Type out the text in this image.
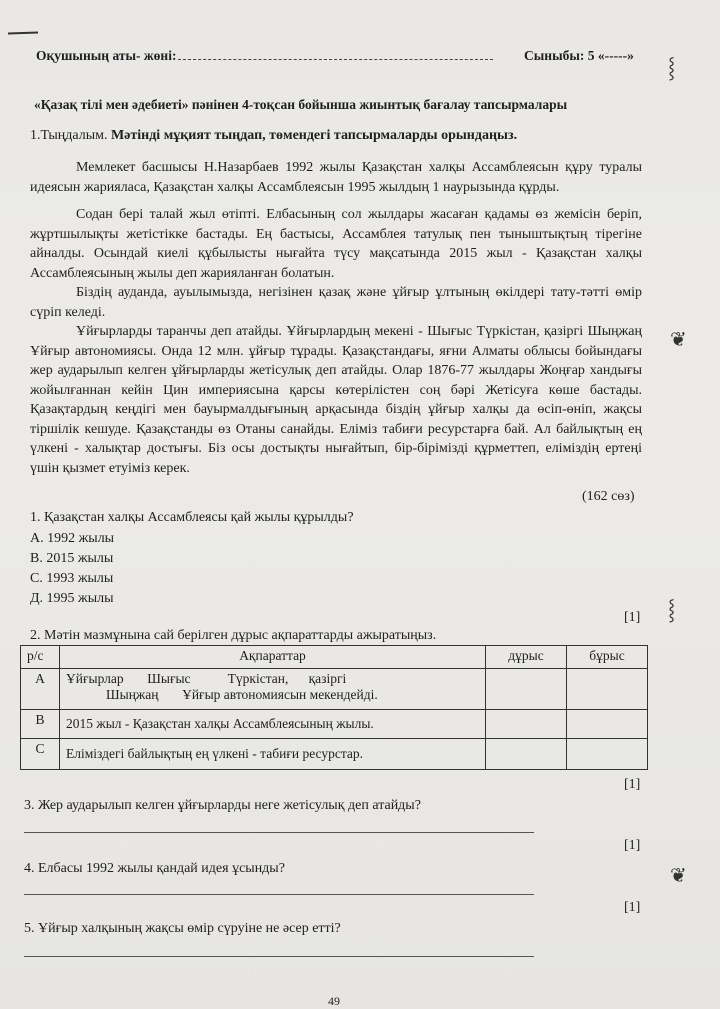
Оқушының аты- жөні:	Сыныбы: 5 «-----»
«Қазақ тілі мен әдебиеті» пәнінен 4-тоқсан бойынша жиынтық бағалау тапсырмалары
1.Тыңдалым. Мәтінді мұқият тыңдап, төмендегі тапсырмаларды орындаңыз.

Мемлекет басшысы Н.Назарбаев 1992 жылы Қазақстан халқы Ассамблеясын құру туралы идеясын жариялаcа, Қазақстан халқы Ассамблеясын 1995 жылдың 1 наурызында құрды.

Содан бері талай жыл өтіпті. Елбасының сол жылдары жасаған қадамы өз жемісін беріп, жұртшылықты жетістікке бастады. Ең бастысы, Ассамблея татулық пен тыныштықтың тірегіне айналды. Осындай киелі құбылысты нығайта түсу мақсатында 2015 жыл - Қазақстан халқы Ассамблеясының жылы деп жарияланған болатын.

Біздің ауданда, ауылымызда, негізінен қазақ және ұйғыр ұлтының өкілдері тату-тәтті өмір сүріп келеді.

Ұйғырларды таранчы деп атайды. Ұйғырлардың мекені - Шығыс Түркістан, қазіргі Шыңжаң Ұйғыр автономиясы. Онда 12 млн. ұйғыр тұрады. Қазақстандағы, яғни Алматы облысы бойындағы жер аударылып келген ұйғырларды жетісулық деп атайды. Олар 1876-77 жылдары Жоңғар хандығы жойылғаннан кейін Цин империясына қарсы көтерілістен соң бәрі Жетісуға көше бастады. Қазақтардың кеңдігі мен бауырмалдығының арқасында біздің ұйғыр халқы да өсіп-өніп, жақсы тіршілік кешуде. Қазақстанды өз Отаны санайды. Еліміз табиғи ресурстарға бай. Ал байлықтың ең үлкені - халықтар достығы. Біз осы достықты нығайтып, бір-бірімізді құрметтеп, еліміздің ертеңі үшін қызмет етуіміз керек.

(162 сөз)
1. Қазақстан халқы Ассамблеясы қай жылы құрылды?
А. 1992 жылы
В. 2015 жылы
С. 1993 жылы
Д. 1995 жылы
[1]
2. Мәтін мазмұнына сай берілген дұрыс ақпараттарды ажыратыңыз.
р/с	Ақпараттар	дұрыс	бұрыс
А	Ұйғырлар       Шығыс           Түркістан,      қазіргі
Шыңжаң       Ұйғыр автономиясын мекендейді.		

В	2015 жыл - Қазақстан халқы Ассамблеясының жылы.		
С	Еліміздегі байлықтың ең үлкені - табиғи ресурстар.		
[1]
3. Жер аударылып келген ұйғырларды неге жетісулық деп атайды?
[1]
4. Елбасы 1992 жылы қандай идея ұсынды?
[1]
5. Ұйғыр халқының жақсы өмір сүруіне не әсер етті?
49
⸾
❦
⸾
❦
